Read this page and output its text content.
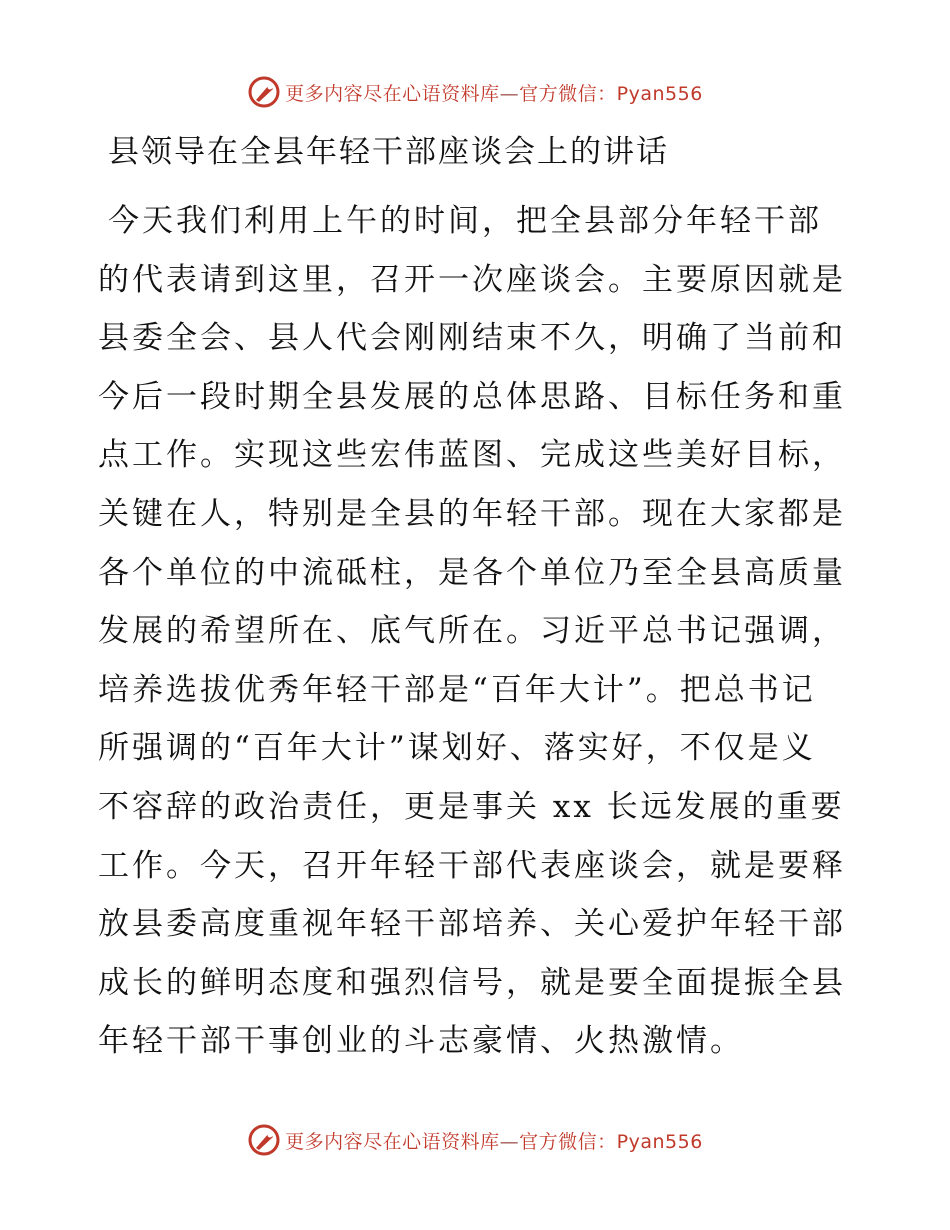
更多内容尽在心语资料库—官方微信：Pyan556
县领导在全县年轻干部座谈会上的讲话
今天我们利用上午的时间，把全县部分年轻干部
的代表请到这里，召开一次座谈会。主要原因就是
县委全会、县人代会刚刚结束不久，明确了当前和
今后一段时期全县发展的总体思路、目标任务和重
点工作。实现这些宏伟蓝图、完成这些美好目标，
关键在人，特别是全县的年轻干部。现在大家都是
各个单位的中流砥柱，是各个单位乃至全县高质量
发展的希望所在、底气所在。习近平总书记强调，
培养选拔优秀年轻干部是“百年大计”。把总书记
所强调的“百年大计”谋划好、落实好，不仅是义
不容辞的政治责任，更是事关 xx 长远发展的重要
工作。今天，召开年轻干部代表座谈会，就是要释
放县委高度重视年轻干部培养、关心爱护年轻干部
成长的鲜明态度和强烈信号，就是要全面提振全县
年轻干部干事创业的斗志豪情、火热激情。
更多内容尽在心语资料库—官方微信：Pyan556
